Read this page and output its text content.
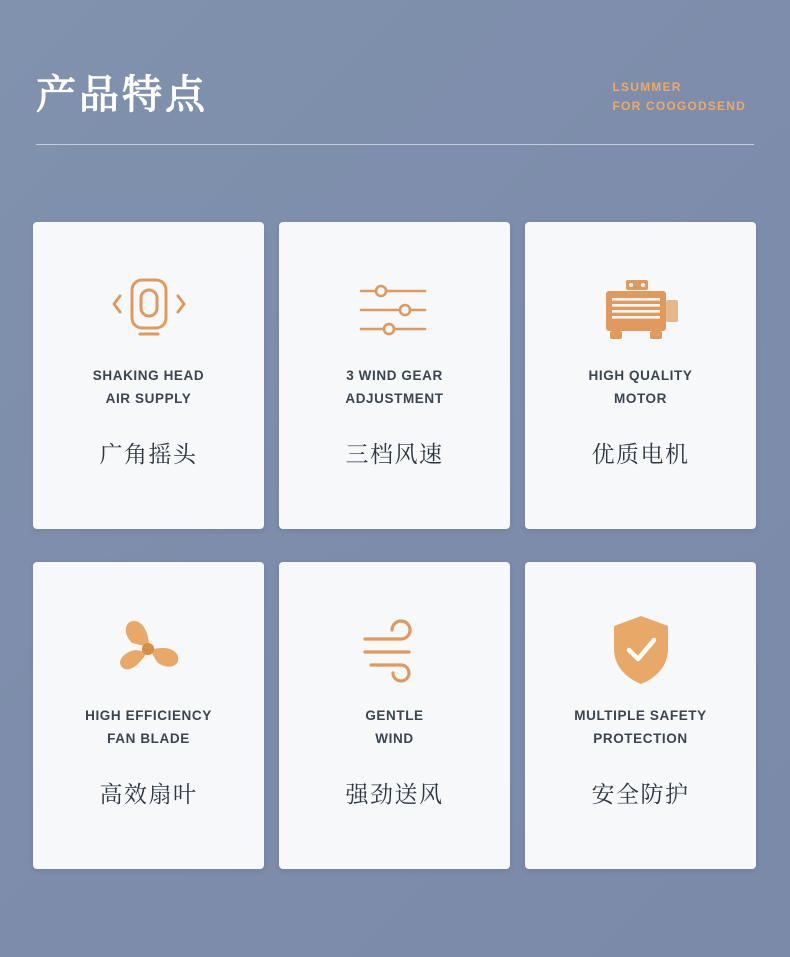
产品特点	LSUMMER
FOR COOGODSEND
SHAKING HEAD
AIR SUPPLY
广角摇头
3 WIND GEAR
ADJUSTMENT
三档风速
HIGH QUALITY
MOTOR
优质电机
HIGH EFFICIENCY
FAN BLADE
高效扇叶
GENTLE
WIND
强劲送风
MULTIPLE SAFETY
PROTECTION
安全防护
